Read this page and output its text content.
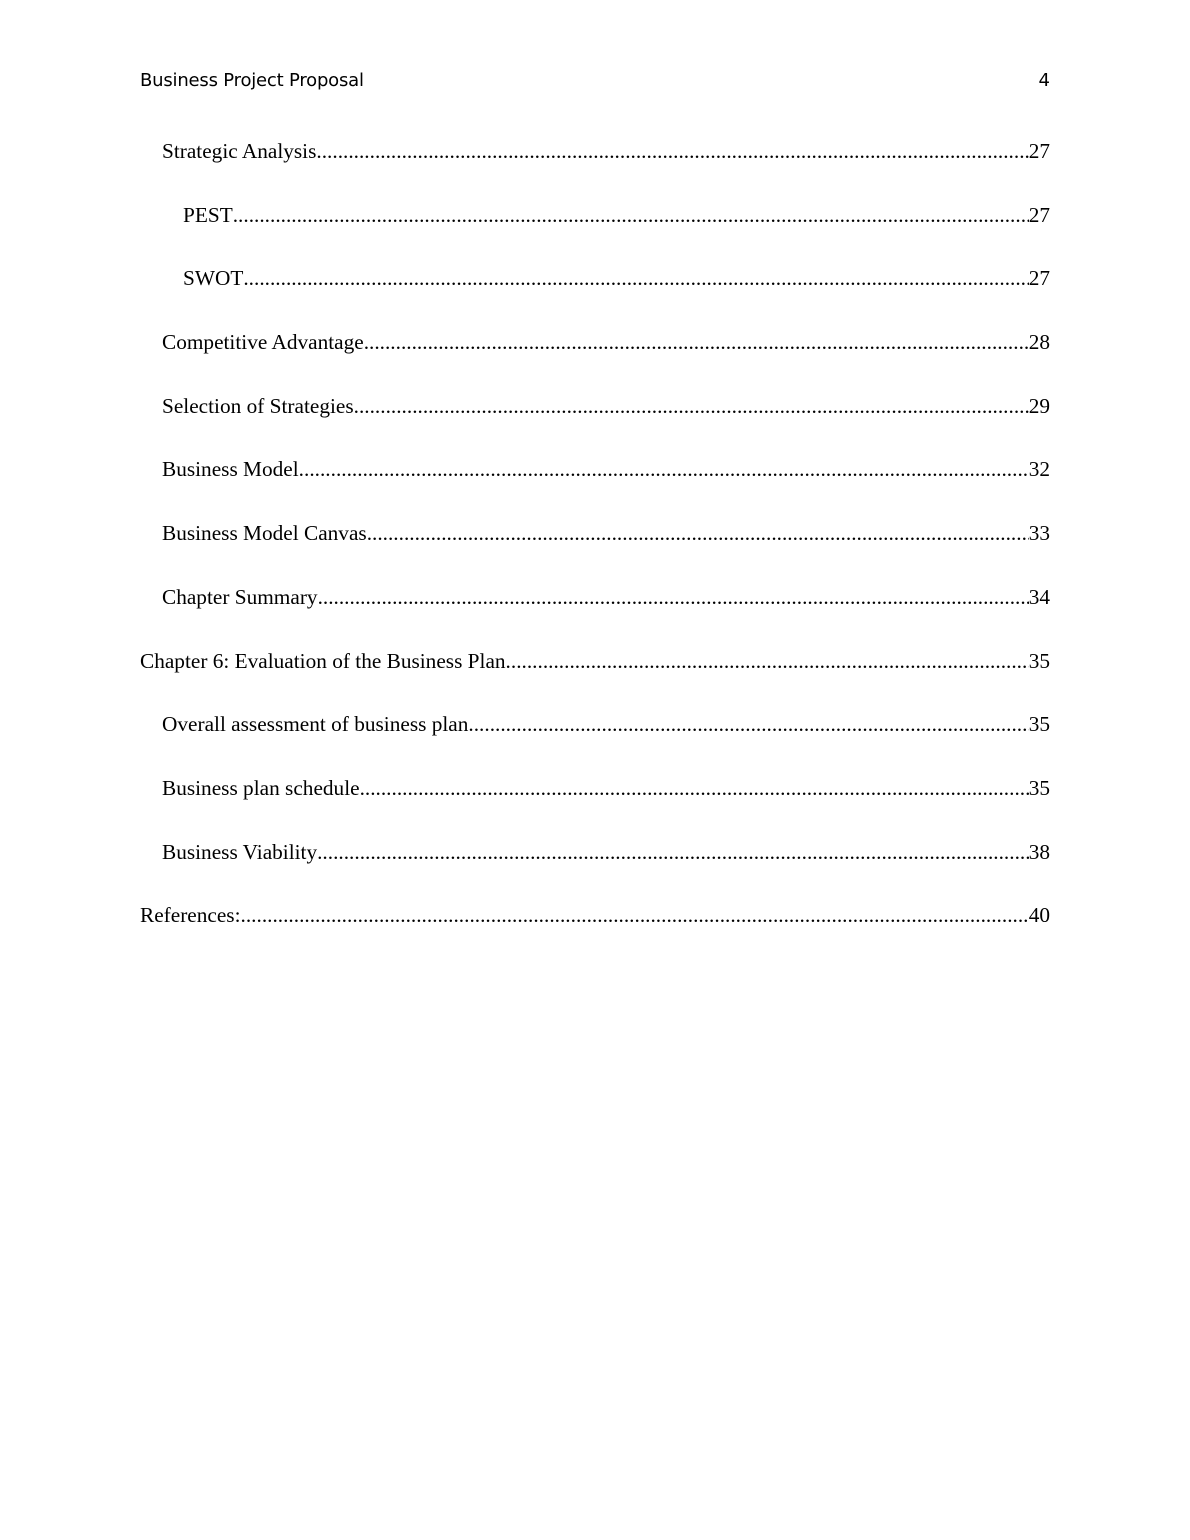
Business Project Proposal	4
Strategic Analysis .....	27
PEST .....	27
SWOT .....	27
Competitive Advantage .....	28
Selection of Strategies .....	29
Business Model .....	32
Business Model Canvas .....	33
Chapter Summary .....	34
Chapter 6: Evaluation of the Business Plan .....	35
Overall assessment of business plan .....	35
Business plan schedule .....	35
Business Viability .....	38
References: .....	40
